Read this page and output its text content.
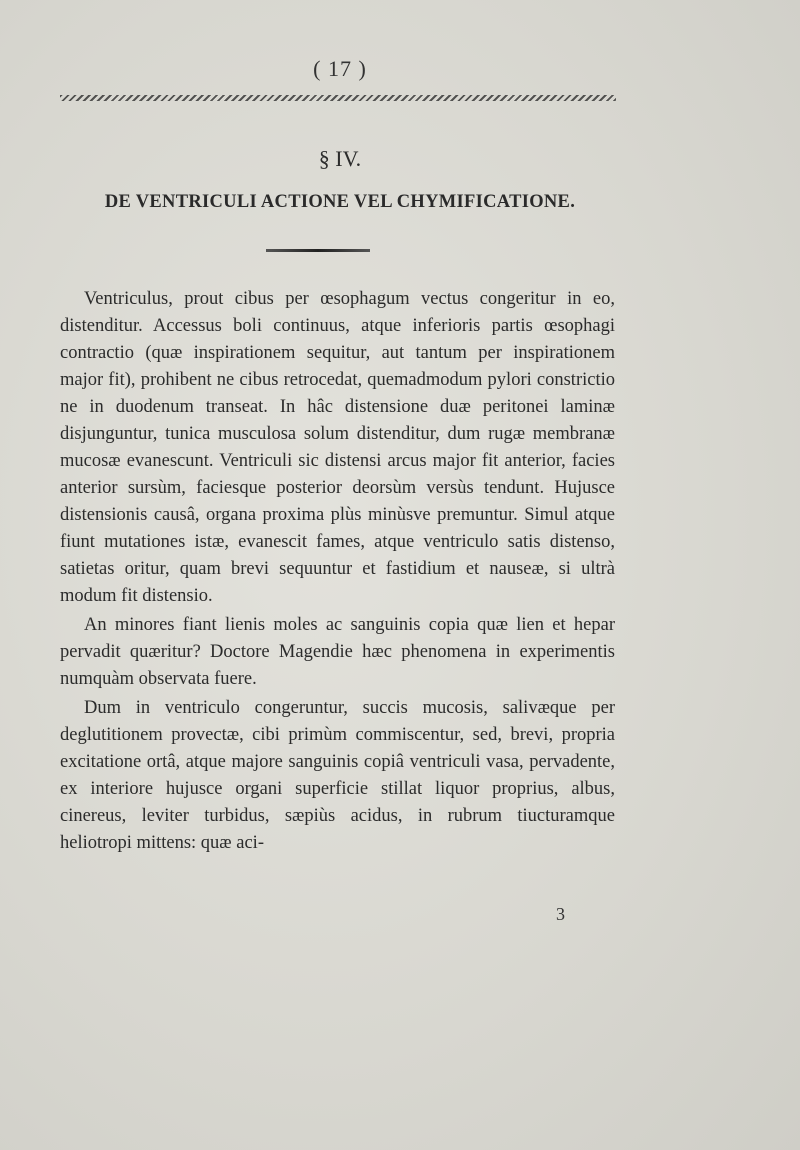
( 17 )

§ IV.
DE VENTRICULI ACTIONE VEL CHYMIFICATIONE.

Ventriculus, prout cibus per œsophagum vectus congeritur in eo, distenditur. Accessus boli continuus, atque inferioris partis œsophagi contractio (quæ inspirationem sequitur, aut tantum per inspirationem major fit), prohibent ne cibus retrocedat, quemadmodum pylori constrictio ne in duodenum transeat. In hâc distensione duæ peritonei laminæ disjunguntur, tunica musculosa solum distenditur, dum rugæ membranæ mucosæ evanescunt. Ventriculi sic distensi arcus major fit anterior, facies anterior sursùm, faciesque posterior deorsùm versùs tendunt. Hujusce distensionis causâ, organa proxima plùs minùsve premuntur. Simul atque fiunt mutationes istæ, evanescit fames, atque ventriculo satis distenso, satietas oritur, quam brevi sequuntur et fastidium et nauseæ, si ultrà modum fit distensio.

An minores fiant lienis moles ac sanguinis copia quæ lien et hepar pervadit quæritur? Doctore Magendie hæc phenomena in experimentis numquàm observata fuere.

Dum in ventriculo congeruntur, succis mucosis, salivæque per deglutitionem provectæ, cibi primùm commiscentur, sed, brevi, propria excitatione ortâ, atque majore sanguinis copiâ ventriculi vasa, pervadente, ex interiore hujusce organi superficie stillat liquor proprius, albus, cinereus, leviter turbidus, sæpiùs acidus, in rubrum tiucturamque heliotropi mittens: quæ aci-

3
